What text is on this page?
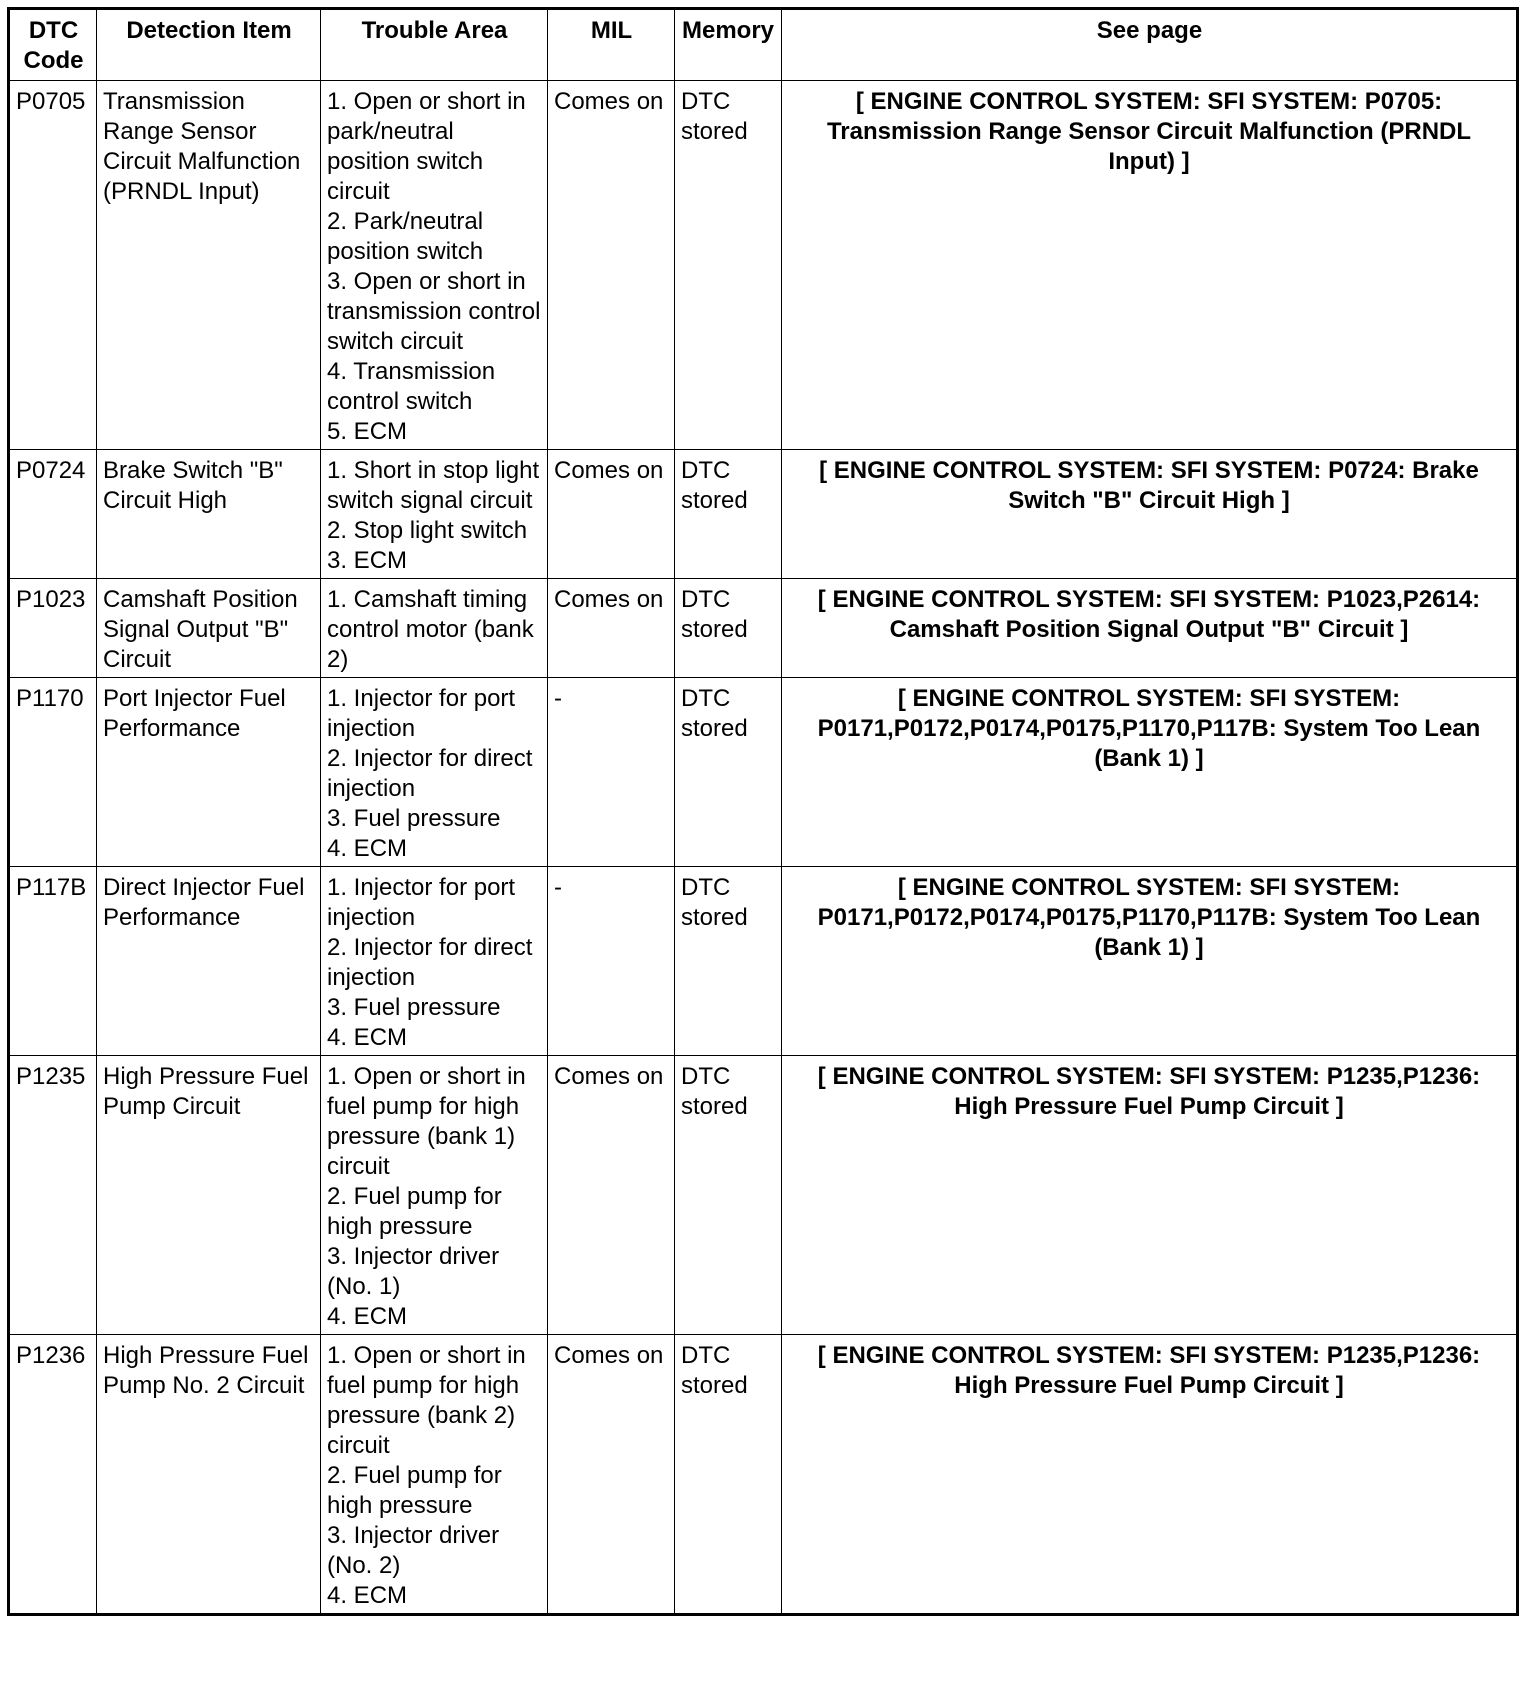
DTC Code	Detection Item	Trouble Area	MIL	Memory	See page
P0705	Transmission Range Sensor Circuit Malfunction (PRNDL Input)	1. Open or short in park/neutral position switch circuit
2. Park/neutral position switch
3. Open or short in transmission control switch circuit
4. Transmission control switch
5. ECM	Comes on	DTC stored	[ ENGINE CONTROL SYSTEM: SFI SYSTEM: P0705: Transmission Range Sensor Circuit Malfunction (PRNDL Input) ]
P0724	Brake Switch "B" Circuit High	1. Short in stop light switch signal circuit
2. Stop light switch
3. ECM	Comes on	DTC stored	[ ENGINE CONTROL SYSTEM: SFI SYSTEM: P0724: Brake Switch "B" Circuit High ]
P1023	Camshaft Position Signal Output "B" Circuit	1. Camshaft timing control motor (bank 2)	Comes on	DTC stored	[ ENGINE CONTROL SYSTEM: SFI SYSTEM: P1023,P2614: Camshaft Position Signal Output "B" Circuit ]
P1170	Port Injector Fuel Performance	1. Injector for port injection
2. Injector for direct injection
3. Fuel pressure
4. ECM	-	DTC stored	[ ENGINE CONTROL SYSTEM: SFI SYSTEM: P0171,P0172,P0174,P0175,P1170,P117B: System Too Lean (Bank 1) ]
P117B	Direct Injector Fuel Performance	1. Injector for port injection
2. Injector for direct injection
3. Fuel pressure
4. ECM	-	DTC stored	[ ENGINE CONTROL SYSTEM: SFI SYSTEM: P0171,P0172,P0174,P0175,P1170,P117B: System Too Lean (Bank 1) ]
P1235	High Pressure Fuel Pump Circuit	1. Open or short in fuel pump for high pressure (bank 1) circuit
2. Fuel pump for high pressure
3. Injector driver (No. 1)
4. ECM	Comes on	DTC stored	[ ENGINE CONTROL SYSTEM: SFI SYSTEM: P1235,P1236: High Pressure Fuel Pump Circuit ]
P1236	High Pressure Fuel Pump No. 2 Circuit	1. Open or short in fuel pump for high pressure (bank 2) circuit
2. Fuel pump for high pressure
3. Injector driver (No. 2)
4. ECM	Comes on	DTC stored	[ ENGINE CONTROL SYSTEM: SFI SYSTEM: P1235,P1236: High Pressure Fuel Pump Circuit ]
